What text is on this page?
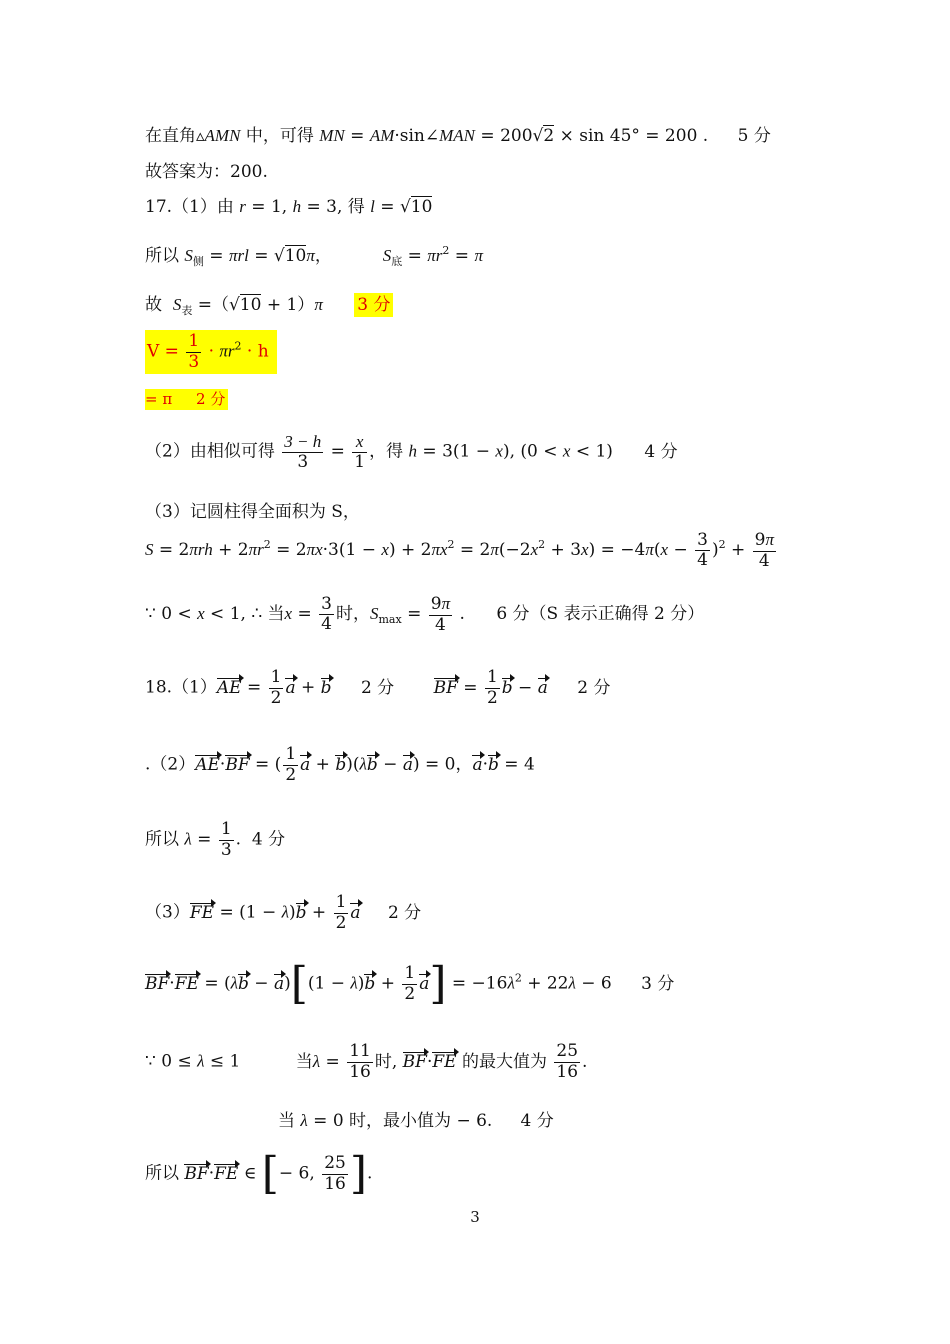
在直角▵AMN 中，可得 MN = AM·sin∠MAN = 200√2 × sin 45° = 200 . 5 分
故答案为：200.
17.（1）由 r = 1, h = 3, 得 l = √10
所以 $S_侧 = \pi rl = √10\pi$，	$S_底 = \pi r^2 = \pi$
故  $S_表 =(√10 + 1)\pi$ 3 分
$V = \frac{1}{3} \cdot \pi r^2 \cdot h$
= π     2 分
（2）由相似可得 $\frac{3 - h}{3} = \frac{x}{1}$ ，得 h = 3(1 − x), (0 < x < 1) 4 分
（3）记圆柱得全面积为 S，
$S = 2\pi rh + 2\pi r^2 = 2\pi x\cdot 3(1 - x) + 2\pi x^2 = 2\pi(-2x^2 + 3x) = -4\pi(x - \frac{3}{4} )^2 + \frac{9\pi}{4}$
∵ 0 < x < 1, ∴ 当$x = \frac{3}{4}$ 时，$S_{max} = \frac{9\pi}{4}$ . 6 分（S 表示正确得 2 分）
$18.(1)AE = \frac{1}{2}$ a + b 2 分 BF = $\frac{1}{2}$ b − a 2 分
.（2）AE·BF = ( $\frac{1}{2}$ a + b)(λb − a) = 0，a·b = 4
所以 $\lambda = \frac{1}{3}$ .  4 分
$(3)FE = (1 - \lambda)b + \frac{1}{2}$ a 2 分
$BF\cdot FE = (\lambda b - a)[(1 - \lambda)b + \frac{1}{2} a] = -16\lambda^2 + 22\lambda - 6$ 3 分
∵ 0 ≤ λ ≤ 1	当$\lambda = \frac{11}{16}$ 时, BF·FE 的最大值为 $\frac{25}{16}$ .
当 λ = 0 时，最小值为 − 6.   4 分
所以 BF·FE ∈ [− 6, $\frac{25}{16}$ ].
3
